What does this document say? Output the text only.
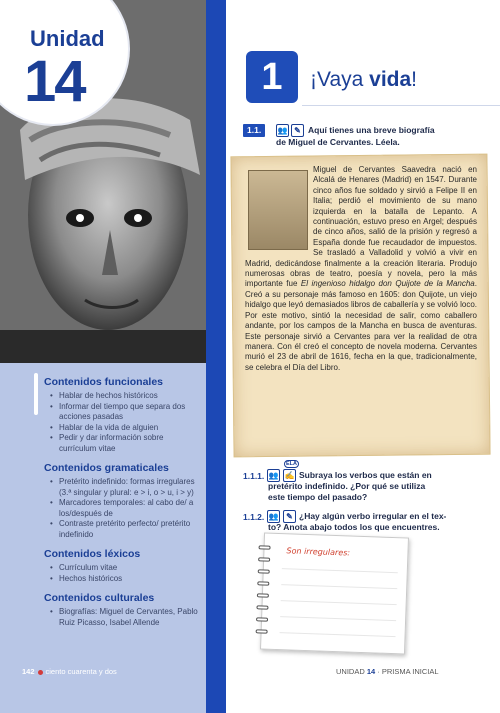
Unidad
14
Contenidos funcionales
• Hablar de hechos históricos
• Informar del tiempo que separa dos acciones pasadas
• Hablar de la vida de alguien
• Pedir y dar información sobre currículum vitae
Contenidos gramaticales
• Pretérito indefinido: formas irregulares (3.ª singular y plural: e > i, o > u, i > y)
• Marcadores temporales: al cabo de/ a los/después de
• Contraste pretérito perfecto/ pretérito indefinido
Contenidos léxicos
• Currículum vitae
• Hechos históricos
Contenidos culturales
• Biografías: Miguel de Cervantes, Pablo Ruiz Picasso, Isabel Allende
142 ciento cuarenta y dos
1	¡Vaya vida!
1.1.	👥 ✎ Aquí tienes una breve biografía
de Miguel de Cervantes. Léela.
Miguel de Cervantes Saavedra nació en Alcalá de Henares (Madrid) en 1547. Durante cinco años fue soldado y sirvió a Felipe II en Italia; perdió el movimiento de su mano izquierda en la batalla de Lepanto. A continuación, estuvo preso en Argel; después de cinco años, salió de la prisión y regresó a España donde fue recaudador de impuestos. Se trasladó a Valladolid y volvió a vivir en Madrid, dedicándose finalmente a la creación literaria. Produjo numerosas obras de teatro, poesía y novela, pero la más importante fue El ingenioso hidalgo don Quijote de la Mancha. Creó a su personaje más famoso en 1605: don Quijote, un viejo hidalgo que leyó demasiados libros de caballería y se volvió loco. Por este motivo, sintió la necesidad de salir, como caballero andante, por los campos de la Mancha en busca de aventuras. Este personaje sirvió a Cervantes para ver la realidad de otra manera. Con él creó el concepto de novela moderna. Cervantes murió el 23 de abril de 1616, fecha en la que, tradicionalmente, se celebra el Día del Libro.
1.1.1. 👥 ✍
ELA
Subraya los verbos que están en
pretérito indefinido. ¿Por qué se utiliza
este tiempo del pasado?
1.1.2. 👥 ✎ ¿Hay algún verbo irregular en el tex-
to? Anota abajo todos los que encuentres.
Son irregulares:
UNIDAD 14 · PRISMA INICIAL
